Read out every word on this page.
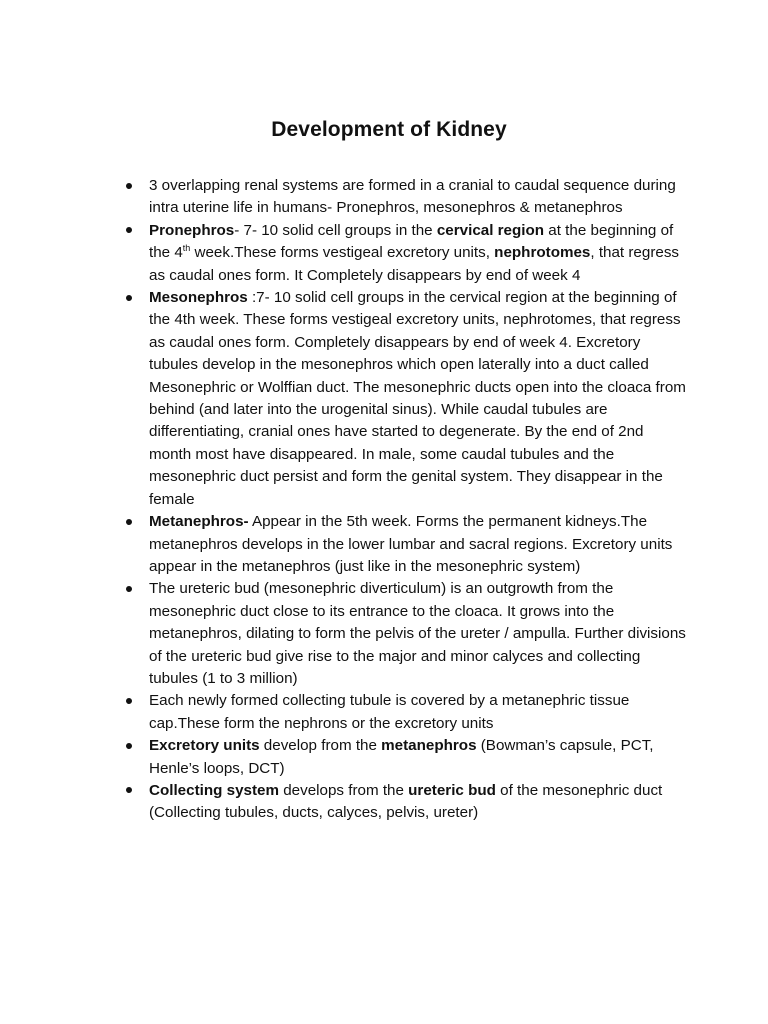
Development of Kidney
3 overlapping renal systems are formed in a cranial to caudal sequence during intra uterine life in humans- Pronephros, mesonephros & metanephros
Pronephros- 7- 10 solid cell groups in the cervical region at the beginning of the 4th week.These forms vestigeal excretory units, nephrotomes, that regress as caudal ones form. It Completely disappears by end of week 4
Mesonephros :7- 10 solid cell groups in the cervical region at the beginning of the 4th week. These forms vestigeal excretory units, nephrotomes, that regress as caudal ones form. Completely disappears by end of week 4. Excretory tubules develop in the mesonephros which open laterally into a duct called Mesonephric or Wolffian duct. The mesonephric ducts open into the cloaca from behind (and later into the urogenital sinus). While caudal tubules are differentiating, cranial ones have started to degenerate. By the end of 2nd month most have disappeared. In male, some caudal tubules and the mesonephric duct persist and form the genital system. They disappear in the female
Metanephros- Appear in the 5th week. Forms the permanent kidneys.The metanephros develops in the lower lumbar and sacral regions. Excretory units appear in the metanephros (just like in the mesonephric system)
The ureteric bud (mesonephric diverticulum) is an outgrowth from the mesonephric duct close to its entrance to the cloaca. It grows into the metanephros, dilating to form the pelvis of the ureter / ampulla. Further divisions of the ureteric bud give rise to the major and minor calyces and collecting tubules (1 to 3 million)
Each newly formed collecting tubule is covered by a metanephric tissue cap.These form the nephrons or the excretory units
Excretory units develop from the metanephros (Bowman’s capsule, PCT, Henle’s loops, DCT)
Collecting system develops from the ureteric bud of the mesonephric duct (Collecting tubules, ducts, calyces, pelvis, ureter)
